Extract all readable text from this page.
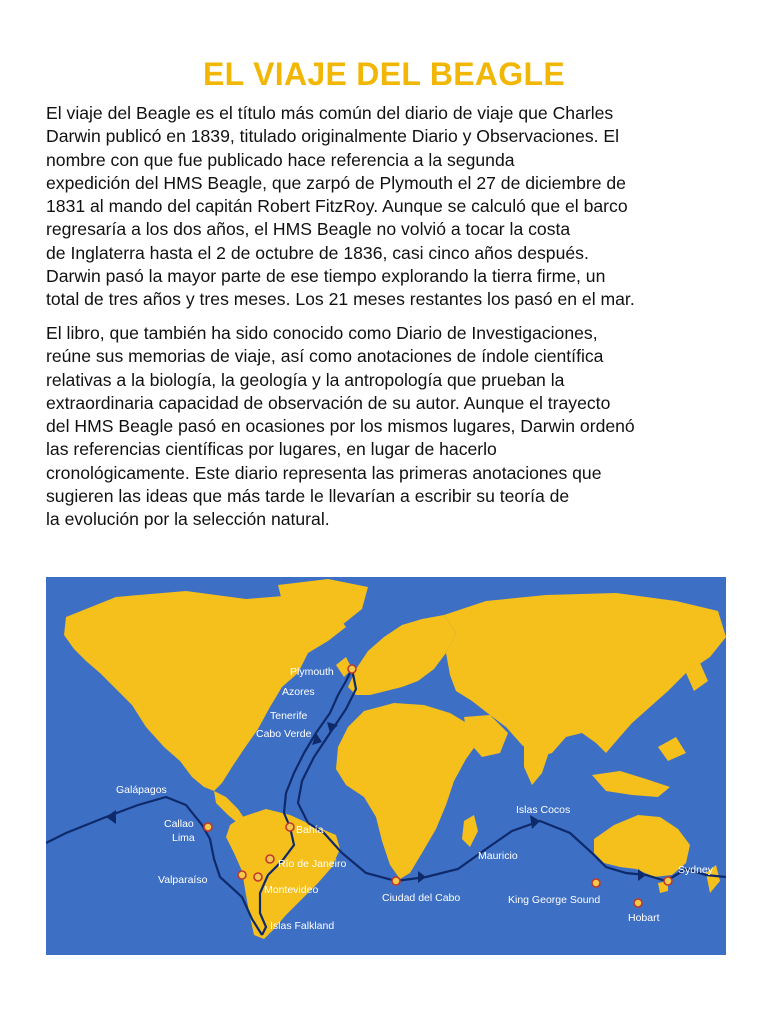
EL VIAJE DEL BEAGLE

El viaje del Beagle es el título más común del diario de viaje que Charles
Darwin publicó en 1839, titulado originalmente Diario y Observaciones. El
nombre con que fue publicado hace referencia a la segunda
expedición del HMS Beagle, que zarpó de Plymouth el 27 de diciembre de
1831 al mando del capitán Robert FitzRoy. Aunque se calculó que el barco
regresaría a los dos años, el HMS Beagle no volvió a tocar la costa
de Inglaterra hasta el 2 de octubre de 1836, casi cinco años después.
Darwin pasó la mayor parte de ese tiempo explorando la tierra firme, un
total de tres años y tres meses. Los 21 meses restantes los pasó en el mar.

El libro, que también ha sido conocido como Diario de Investigaciones,
reúne sus memorias de viaje, así como anotaciones de índole científica
relativas a la biología, la geología y la antropología que prueban la
extraordinaria capacidad de observación de su autor. Aunque el trayecto
del HMS Beagle pasó en ocasiones por los mismos lugares, Darwin ordenó
las referencias científicas por lugares, en lugar de hacerlo
cronológicamente. Este diario representa las primeras anotaciones que
sugieren las ideas que más tarde le llevarían a escribir su teoría de
la evolución por la selección natural.

Plymouth
Azores
Tenerife
Cabo Verde
Galápagos
Bahía
Callao
Lima
Río de Janeiro
Valparaíso
Montevideo
Islas Falkland
Ciudad del Cabo
Mauricio
Islas Cocos
King George Sound
Hobart
Sydney
